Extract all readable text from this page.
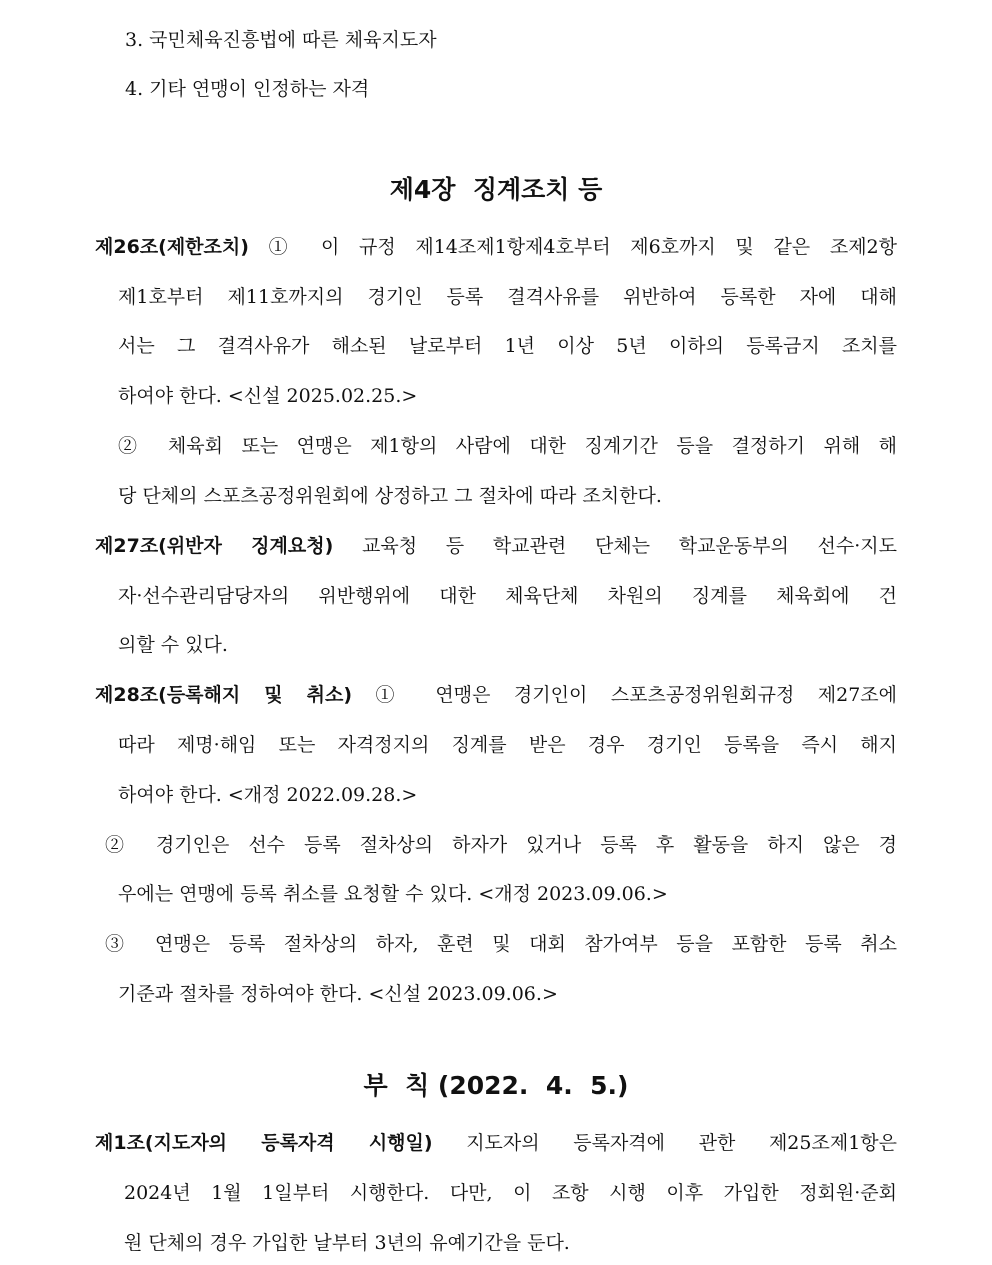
3. 국민체육진흥법에 따른 체육지도자
4. 기타 연맹이 인정하는 자격
제4장  징계조치 등
제26조(제한조치) ① 이 규정 제14조제1항제4호부터 제6호까지 및 같은 조제2항
제1호부터 제11호까지의 경기인 등록 결격사유를 위반하여 등록한 자에 대해
서는 그 결격사유가 해소된 날로부터 1년 이상 5년 이하의 등록금지 조치를
하여야 한다. <신설 2025.02.25.>
② 체육회 또는 연맹은 제1항의 사람에 대한 징계기간 등을 결정하기 위해 해
당 단체의 스포츠공정위원회에 상정하고 그 절차에 따라 조치한다.
제27조(위반자 징계요청) 교육청 등 학교관련 단체는 학교운동부의 선수·지도
자·선수관리담당자의 위반행위에 대한 체육단체 차원의 징계를 체육회에 건
의할 수 있다.
제28조(등록해지 및 취소) ① 연맹은 경기인이 스포츠공정위원회규정 제27조에
따라 제명·해임 또는 자격정지의 징계를 받은 경우 경기인 등록을 즉시 해지
하여야 한다. <개정 2022.09.28.>
② 경기인은 선수 등록 절차상의 하자가 있거나 등록 후 활동을 하지 않은 경
우에는 연맹에 등록 취소를 요청할 수 있다. <개정 2023.09.06.>
③ 연맹은 등록 절차상의 하자, 훈련 및 대회 참가여부 등을 포함한 등록 취소
기준과 절차를 정하여야 한다. <신설 2023.09.06.>
부  칙 (2022.  4.  5.)
제1조(지도자의 등록자격 시행일) 지도자의 등록자격에 관한 제25조제1항은
2024년 1월 1일부터 시행한다. 다만, 이 조항 시행 이후 가입한 정회원·준회
원 단체의 경우 가입한 날부터 3년의 유예기간을 둔다.
